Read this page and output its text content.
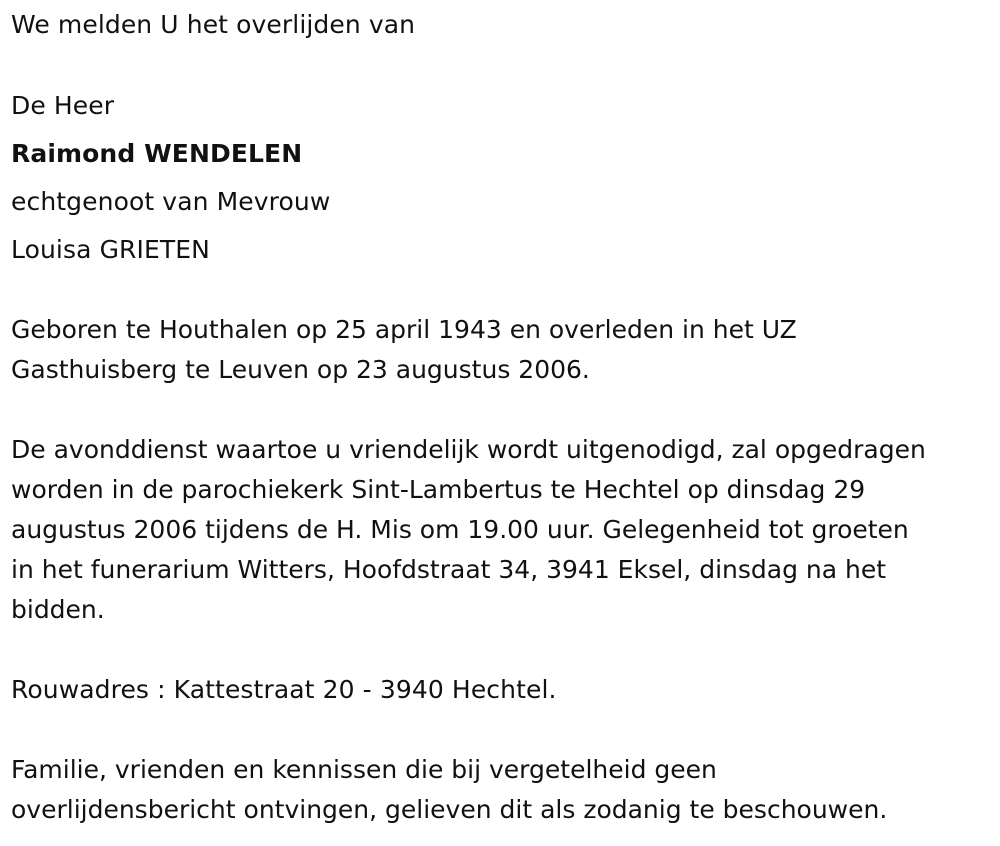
We melden U het overlijden van
De Heer
Raimond WENDELEN
echtgenoot van Mevrouw
Louisa GRIETEN
Geboren te Houthalen op 25 april 1943 en overleden in het UZ
Gasthuisberg te Leuven op 23 augustus 2006.
De avonddienst waartoe u vriendelijk wordt uitgenodigd, zal opgedragen
worden in de parochiekerk Sint-Lambertus te Hechtel op dinsdag 29
augustus 2006 tijdens de H. Mis om 19.00 uur. Gelegenheid tot groeten
in het funerarium Witters, Hoofdstraat 34, 3941 Eksel, dinsdag na het
bidden.
Rouwadres : Kattestraat 20 - 3940 Hechtel.
Familie, vrienden en kennissen die bij vergetelheid geen
overlijdensbericht ontvingen, gelieven dit als zodanig te beschouwen.
